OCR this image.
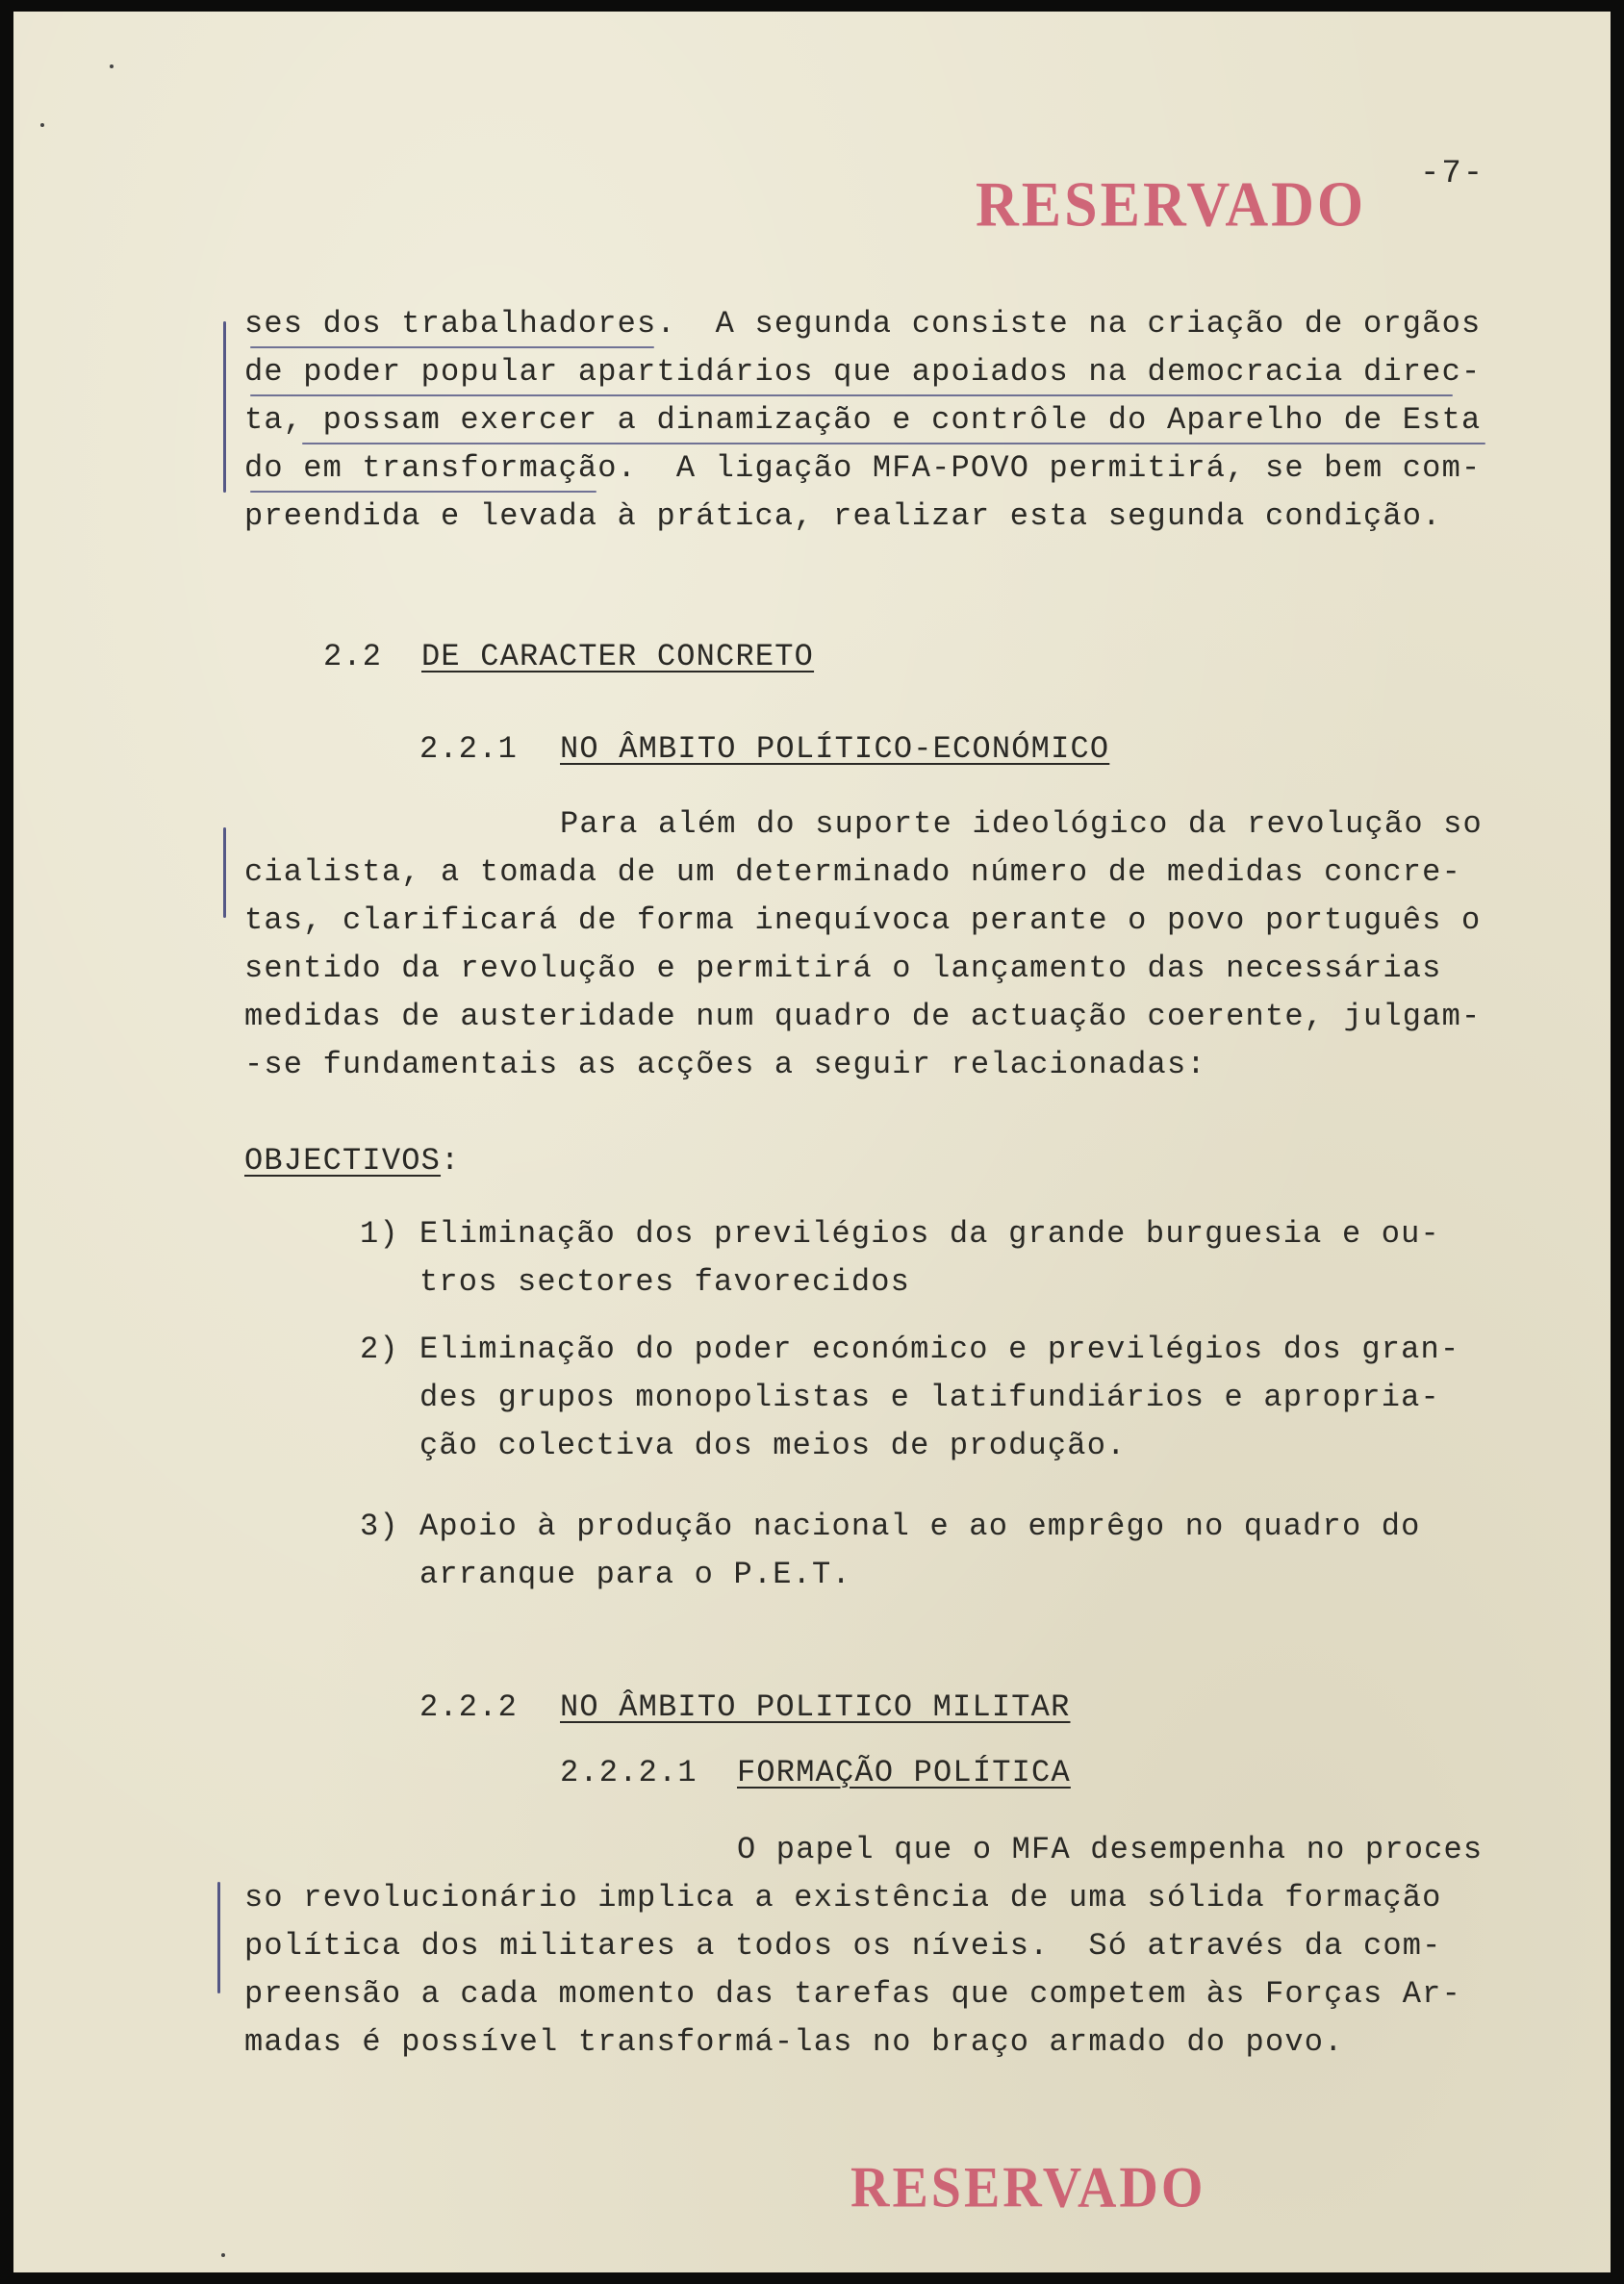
RESERVADO -7-
ses dos trabalhadores.  A segunda consiste na criação de orgãos
de poder popular apartidários que apoiados na democracia direc-
ta, possam exercer a dinamização e contrôle do Aparelho de Esta
do em transformação.  A ligação MFA-POVO permitirá, se bem com-
preendida e levada à prática, realizar esta segunda condição.
2.2 DE CARACTER CONCRETO
2.2.1 NO ÂMBITO POLÍTICO-ECONÓMICO
Para além do suporte ideológico da revolução so
cialista, a tomada de um determinado número de medidas concre-
tas, clarificará de forma inequívoca perante o povo português o
sentido da revolução e permitirá o lançamento das necessárias
medidas de austeridade num quadro de actuação coerente, julgam-
-se fundamentais as acções a seguir relacionadas:
OBJECTIVOS:
1) Eliminação dos previlégios da grande burguesia e ou-
tros sectores favorecidos
2) Eliminação do poder económico e previlégios dos gran-
des grupos monopolistas e latifundiários e apropria-
ção colectiva dos meios de produção.
3) Apoio à produção nacional e ao emprêgo no quadro do
arranque para o P.E.T.
2.2.2 NO ÂMBITO POLITICO MILITAR
2.2.2.1 FORMAÇÃO POLÍTICA
O papel que o MFA desempenha no proces
so revolucionário implica a existência de uma sólida formação
política dos militares a todos os níveis.  Só através da com-
preensão a cada momento das tarefas que competem às Forças Ar-
madas é possível transformá-las no braço armado do povo.
RESERVADO
